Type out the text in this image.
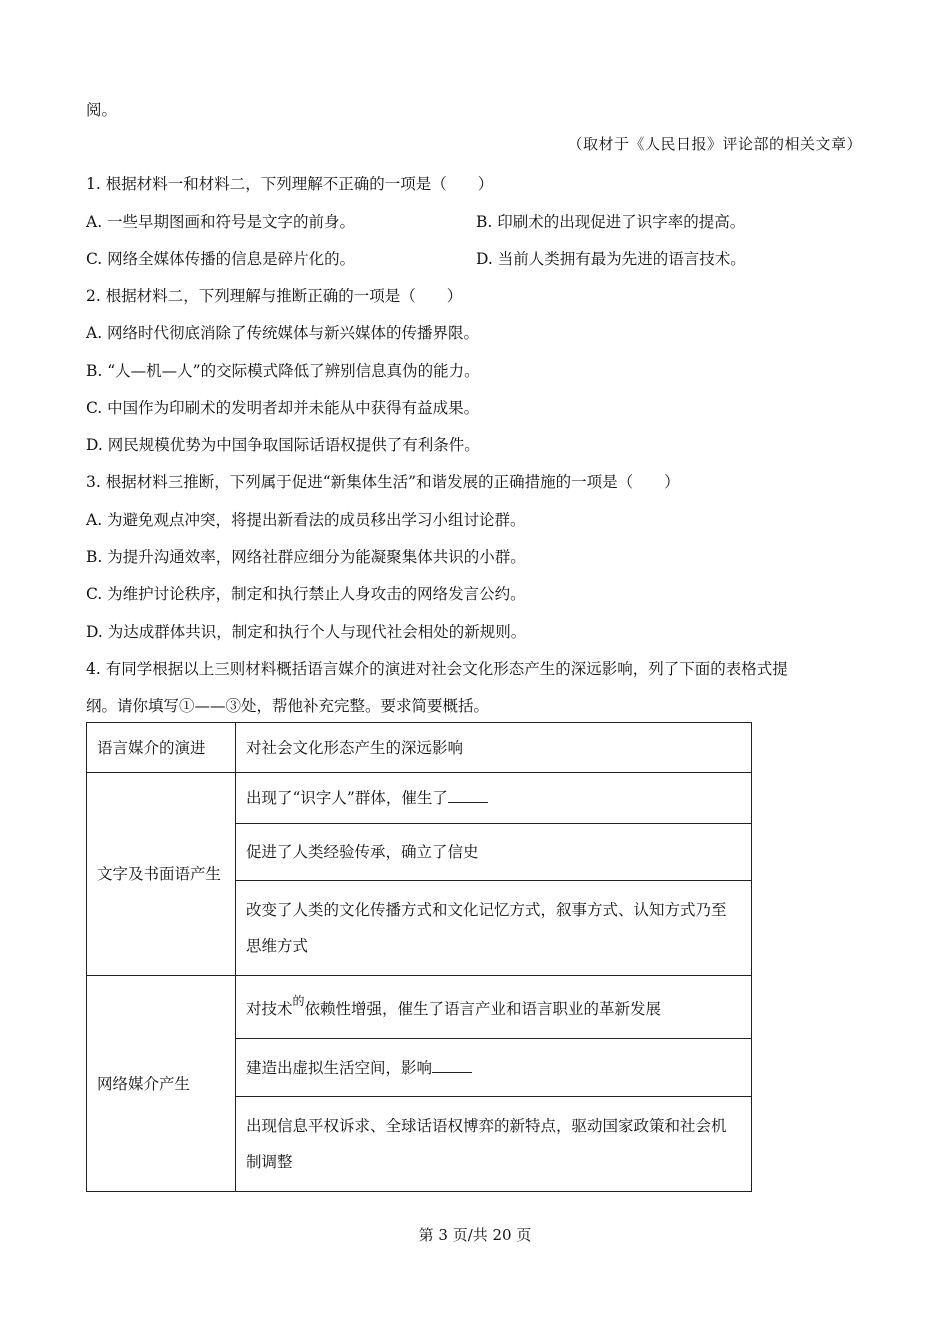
阅。
（取材于《人民日报》评论部的相关文章）
1. 根据材料一和材料二，下列理解不正确的一项是（　　）
A. 一些早期图画和符号是文字的前身。	B. 印刷术的出现促进了识字率的提高。
C. 网络全媒体传播的信息是碎片化的。	D. 当前人类拥有最为先进的语言技术。
2. 根据材料二，下列理解与推断正确的一项是（　　）
A. 网络时代彻底消除了传统媒体与新兴媒体的传播界限。
B. “人—机—人”的交际模式降低了辨别信息真伪的能力。
C. 中国作为印刷术的发明者却并未能从中获得有益成果。
D. 网民规模优势为中国争取国际话语权提供了有利条件。
3. 根据材料三推断，下列属于促进“新集体生活”和谐发展的正确措施的一项是（　　）
A. 为避免观点冲突，将提出新看法的成员移出学习小组讨论群。
B. 为提升沟通效率，网络社群应细分为能凝聚集体共识的小群。
C. 为维护讨论秩序，制定和执行禁止人身攻击的网络发言公约。
D. 为达成群体共识，制定和执行个人与现代社会相处的新规则。
4. 有同学根据以上三则材料概括语言媒介的演进对社会文化形态产生的深远影响，列了下面的表格式提
纲。请你填写①——③处，帮他补充完整。要求简要概括。
语言媒介的演进	对社会文化形态产生的深远影响
文字及书面语产生	出现了“识字人”群体，催生了
	促进了人类经验传承，确立了信史
	改变了人类的文化传播方式和文化记忆方式，叙事方式、认知方式乃至思维方式
网络媒介产生	对技术$^的$依赖性增强，催生了语言产业和语言职业的革新发展
	建造出虚拟生活空间，影响
	出现信息平权诉求、全球话语权博弈的新特点，驱动国家政策和社会机制调整
第 3 页/共 20 页
